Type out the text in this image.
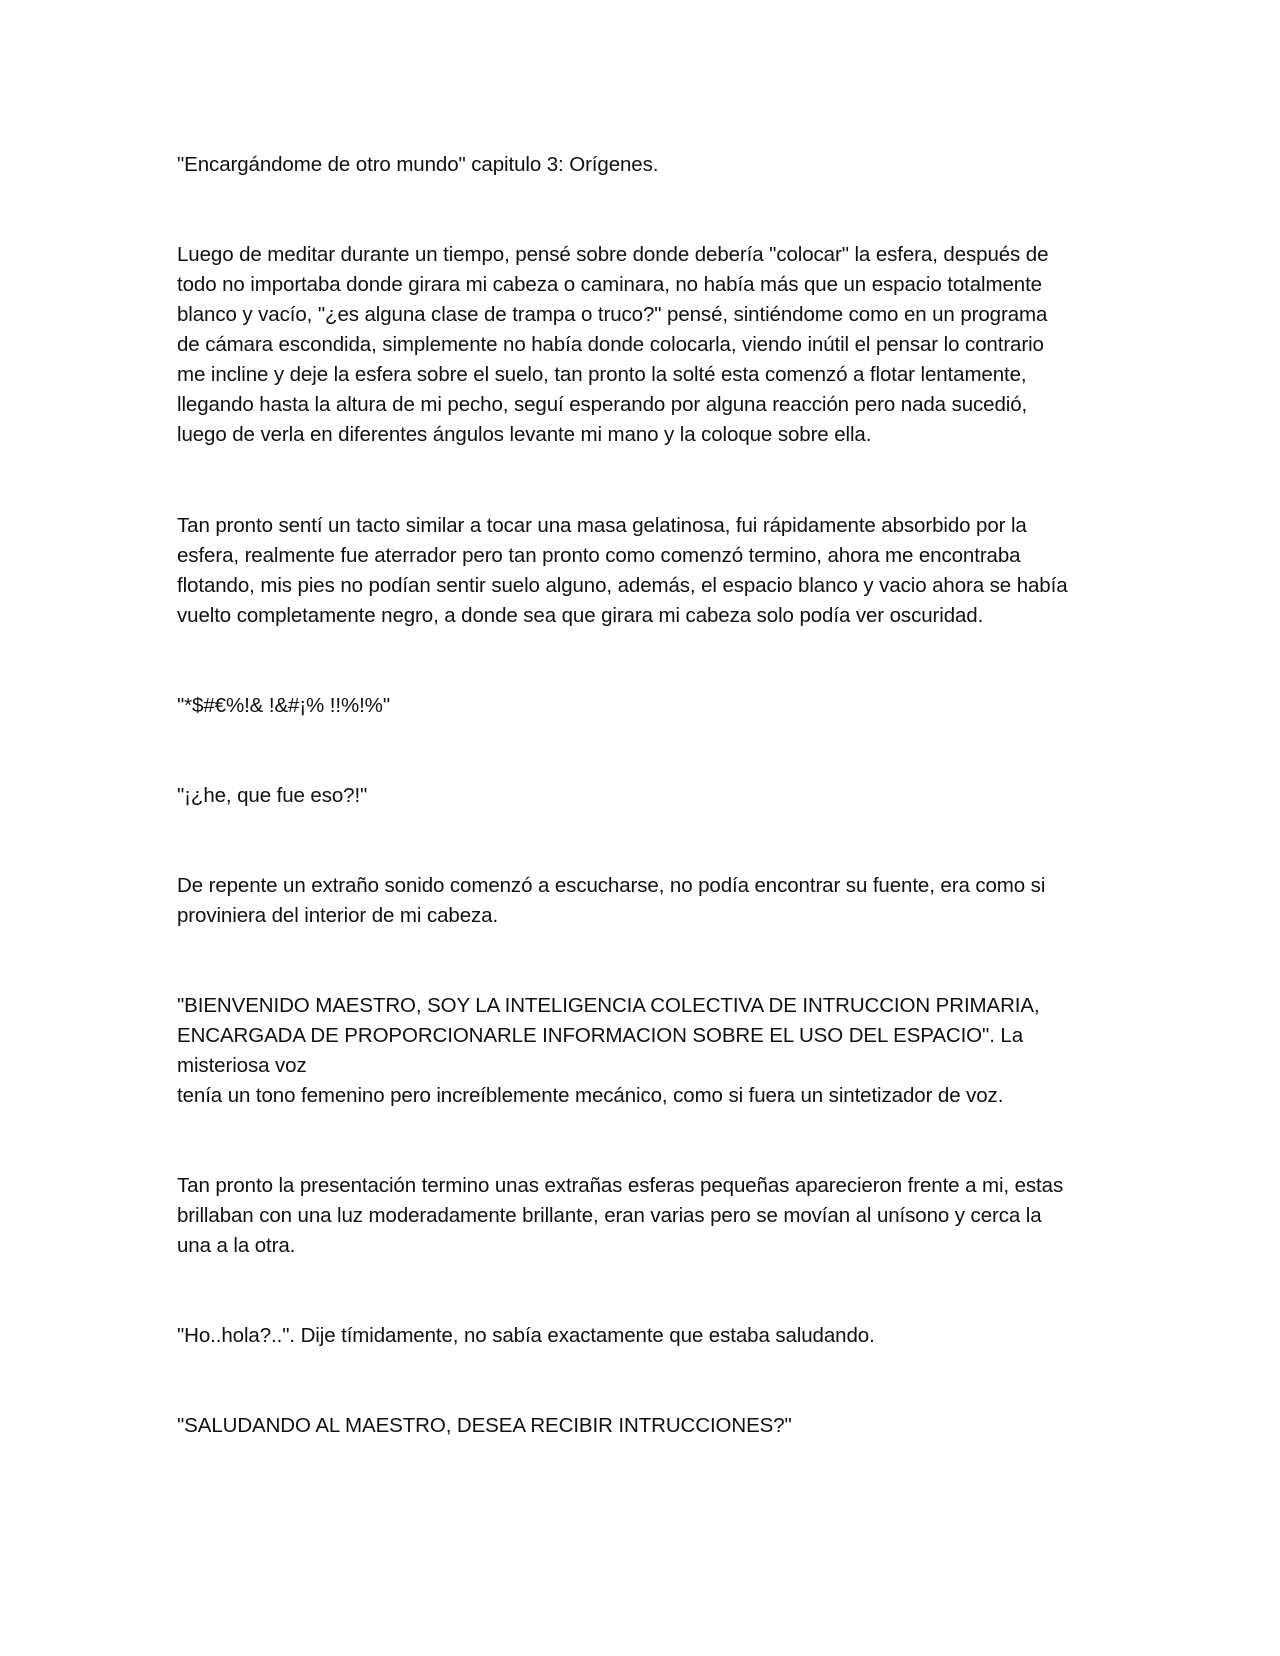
"Encargándome de otro mundo" capitulo 3: Orígenes.

Luego de meditar durante un tiempo, pensé sobre donde debería "colocar" la esfera, después de
todo no importaba donde girara mi cabeza o caminara, no había más que un espacio totalmente
blanco y vacío, "¿es alguna clase de trampa o truco?" pensé, sintiéndome como en un programa
de cámara escondida, simplemente no había donde colocarla, viendo inútil el pensar lo contrario
me incline y deje la esfera sobre el suelo, tan pronto la solté esta comenzó a flotar lentamente,
llegando hasta la altura de mi pecho, seguí esperando por alguna reacción pero nada sucedió,
luego de verla en diferentes ángulos levante mi mano y la coloque sobre ella.

Tan pronto sentí un tacto similar a tocar una masa gelatinosa, fui rápidamente absorbido por la
esfera, realmente fue aterrador pero tan pronto como comenzó termino, ahora me encontraba
flotando, mis pies no podían sentir suelo alguno, además, el espacio blanco y vacio ahora se había
vuelto completamente negro, a donde sea que girara mi cabeza solo podía ver oscuridad.

"*$#€%!& !&#¡% !!%!%"

"¡¿he, que fue eso?!"

De repente un extraño sonido comenzó a escucharse, no podía encontrar su fuente, era como si
proviniera del interior de mi cabeza.

"BIENVENIDO MAESTRO, SOY LA INTELIGENCIA COLECTIVA DE INTRUCCION PRIMARIA,
ENCARGADA DE PROPORCIONARLE INFORMACION SOBRE EL USO DEL ESPACIO". La misteriosa voz
tenía un tono femenino pero increíblemente mecánico, como si fuera un sintetizador de voz.

Tan pronto la presentación termino unas extrañas esferas pequeñas aparecieron frente a mi, estas
brillaban con una luz moderadamente brillante, eran varias pero se movían al unísono y cerca la
una a la otra.

"Ho..hola?..". Dije tímidamente, no sabía exactamente que estaba saludando.

"SALUDANDO AL MAESTRO, DESEA RECIBIR INTRUCCIONES?"
